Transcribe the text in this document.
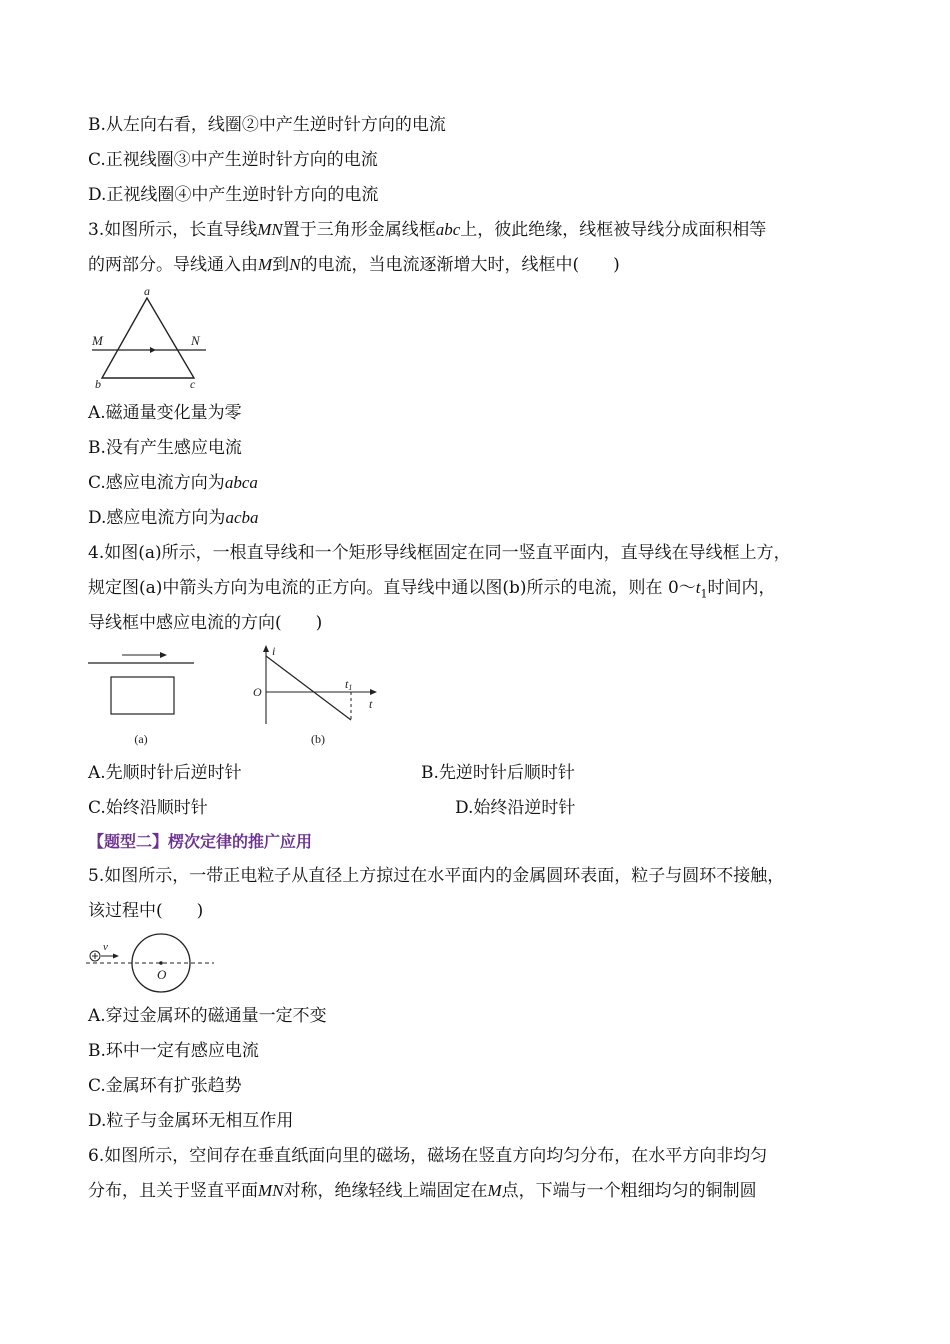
B.从左向右看，线圈②中产生逆时针方向的电流
C.正视线圈③中产生逆时针方向的电流
D.正视线圈④中产生逆时针方向的电流
3.如图所示，长直导线MN置于三角形金属线框abc上，彼此绝缘，线框被导线分成面积相等
的两部分。导线通入由M到N的电流，当电流逐渐增大时，线框中(　　)
a
M	N
b	c
A.磁通量变化量为零
B.没有产生感应电流
C.感应电流方向为abca
D.感应电流方向为acba
4.如图(a)所示，一根直导线和一个矩形导线框固定在同一竖直平面内，直导线在导线框上方，
规定图(a)中箭头方向为电流的正方向。直导线中通以图(b)所示的电流，则在 $0\sim t_1$时间内，
导线框中感应电流的方向(　　)
(a)
i
O
t1
t
(b)
A.先顺时针后逆时针	B.先逆时针后顺时针
C.始终沿顺时针	D.始终沿逆时针
【题型二】楞次定律的推广应用
5.如图所示，一带正电粒子从直径上方掠过在水平面内的金属圆环表面，粒子与圆环不接触，
该过程中(　　)
v
O
A.穿过金属环的磁通量一定不变
B.环中一定有感应电流
C.金属环有扩张趋势
D.粒子与金属环无相互作用
6.如图所示，空间存在垂直纸面向里的磁场，磁场在竖直方向均匀分布，在水平方向非均匀
分布，且关于竖直平面MN对称，绝缘轻线上端固定在M点，下端与一个粗细均匀的铜制圆
